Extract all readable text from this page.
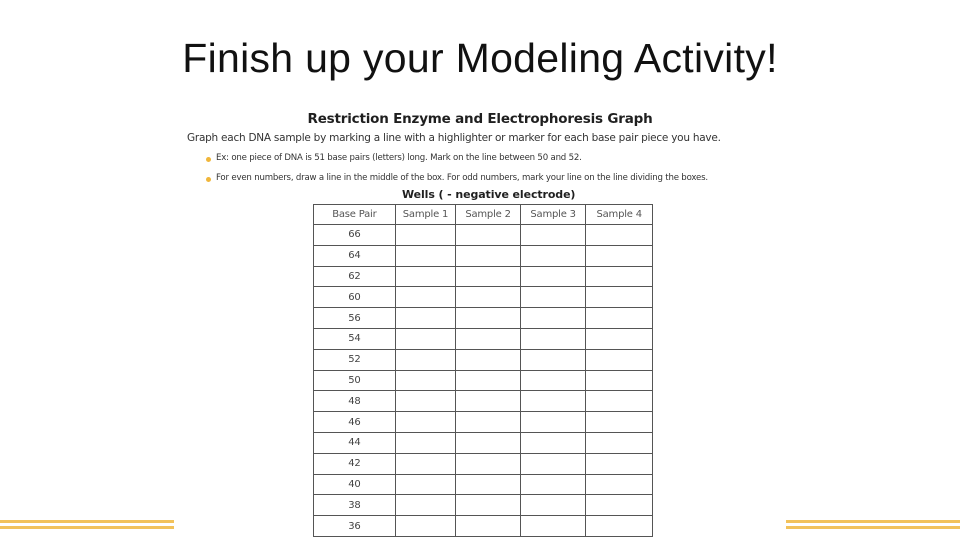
Finish up your Modeling Activity!
Restriction Enzyme and Electrophoresis Graph
Graph each DNA sample by marking a line with a highlighter or marker for each base pair piece you have.
Ex: one piece of DNA is 51 base pairs (letters) long. Mark on the line between 50 and 52.
For even numbers, draw a line in the middle of the box. For odd numbers, mark your line on the line dividing the boxes.
Wells ( - negative electrode)
Base Pair	Sample 1	Sample 2	Sample 3	Sample 4
66				
64				
62				
60				
56				
54				
52				
50				
48				
46				
44				
42				
40				
38				
36				
